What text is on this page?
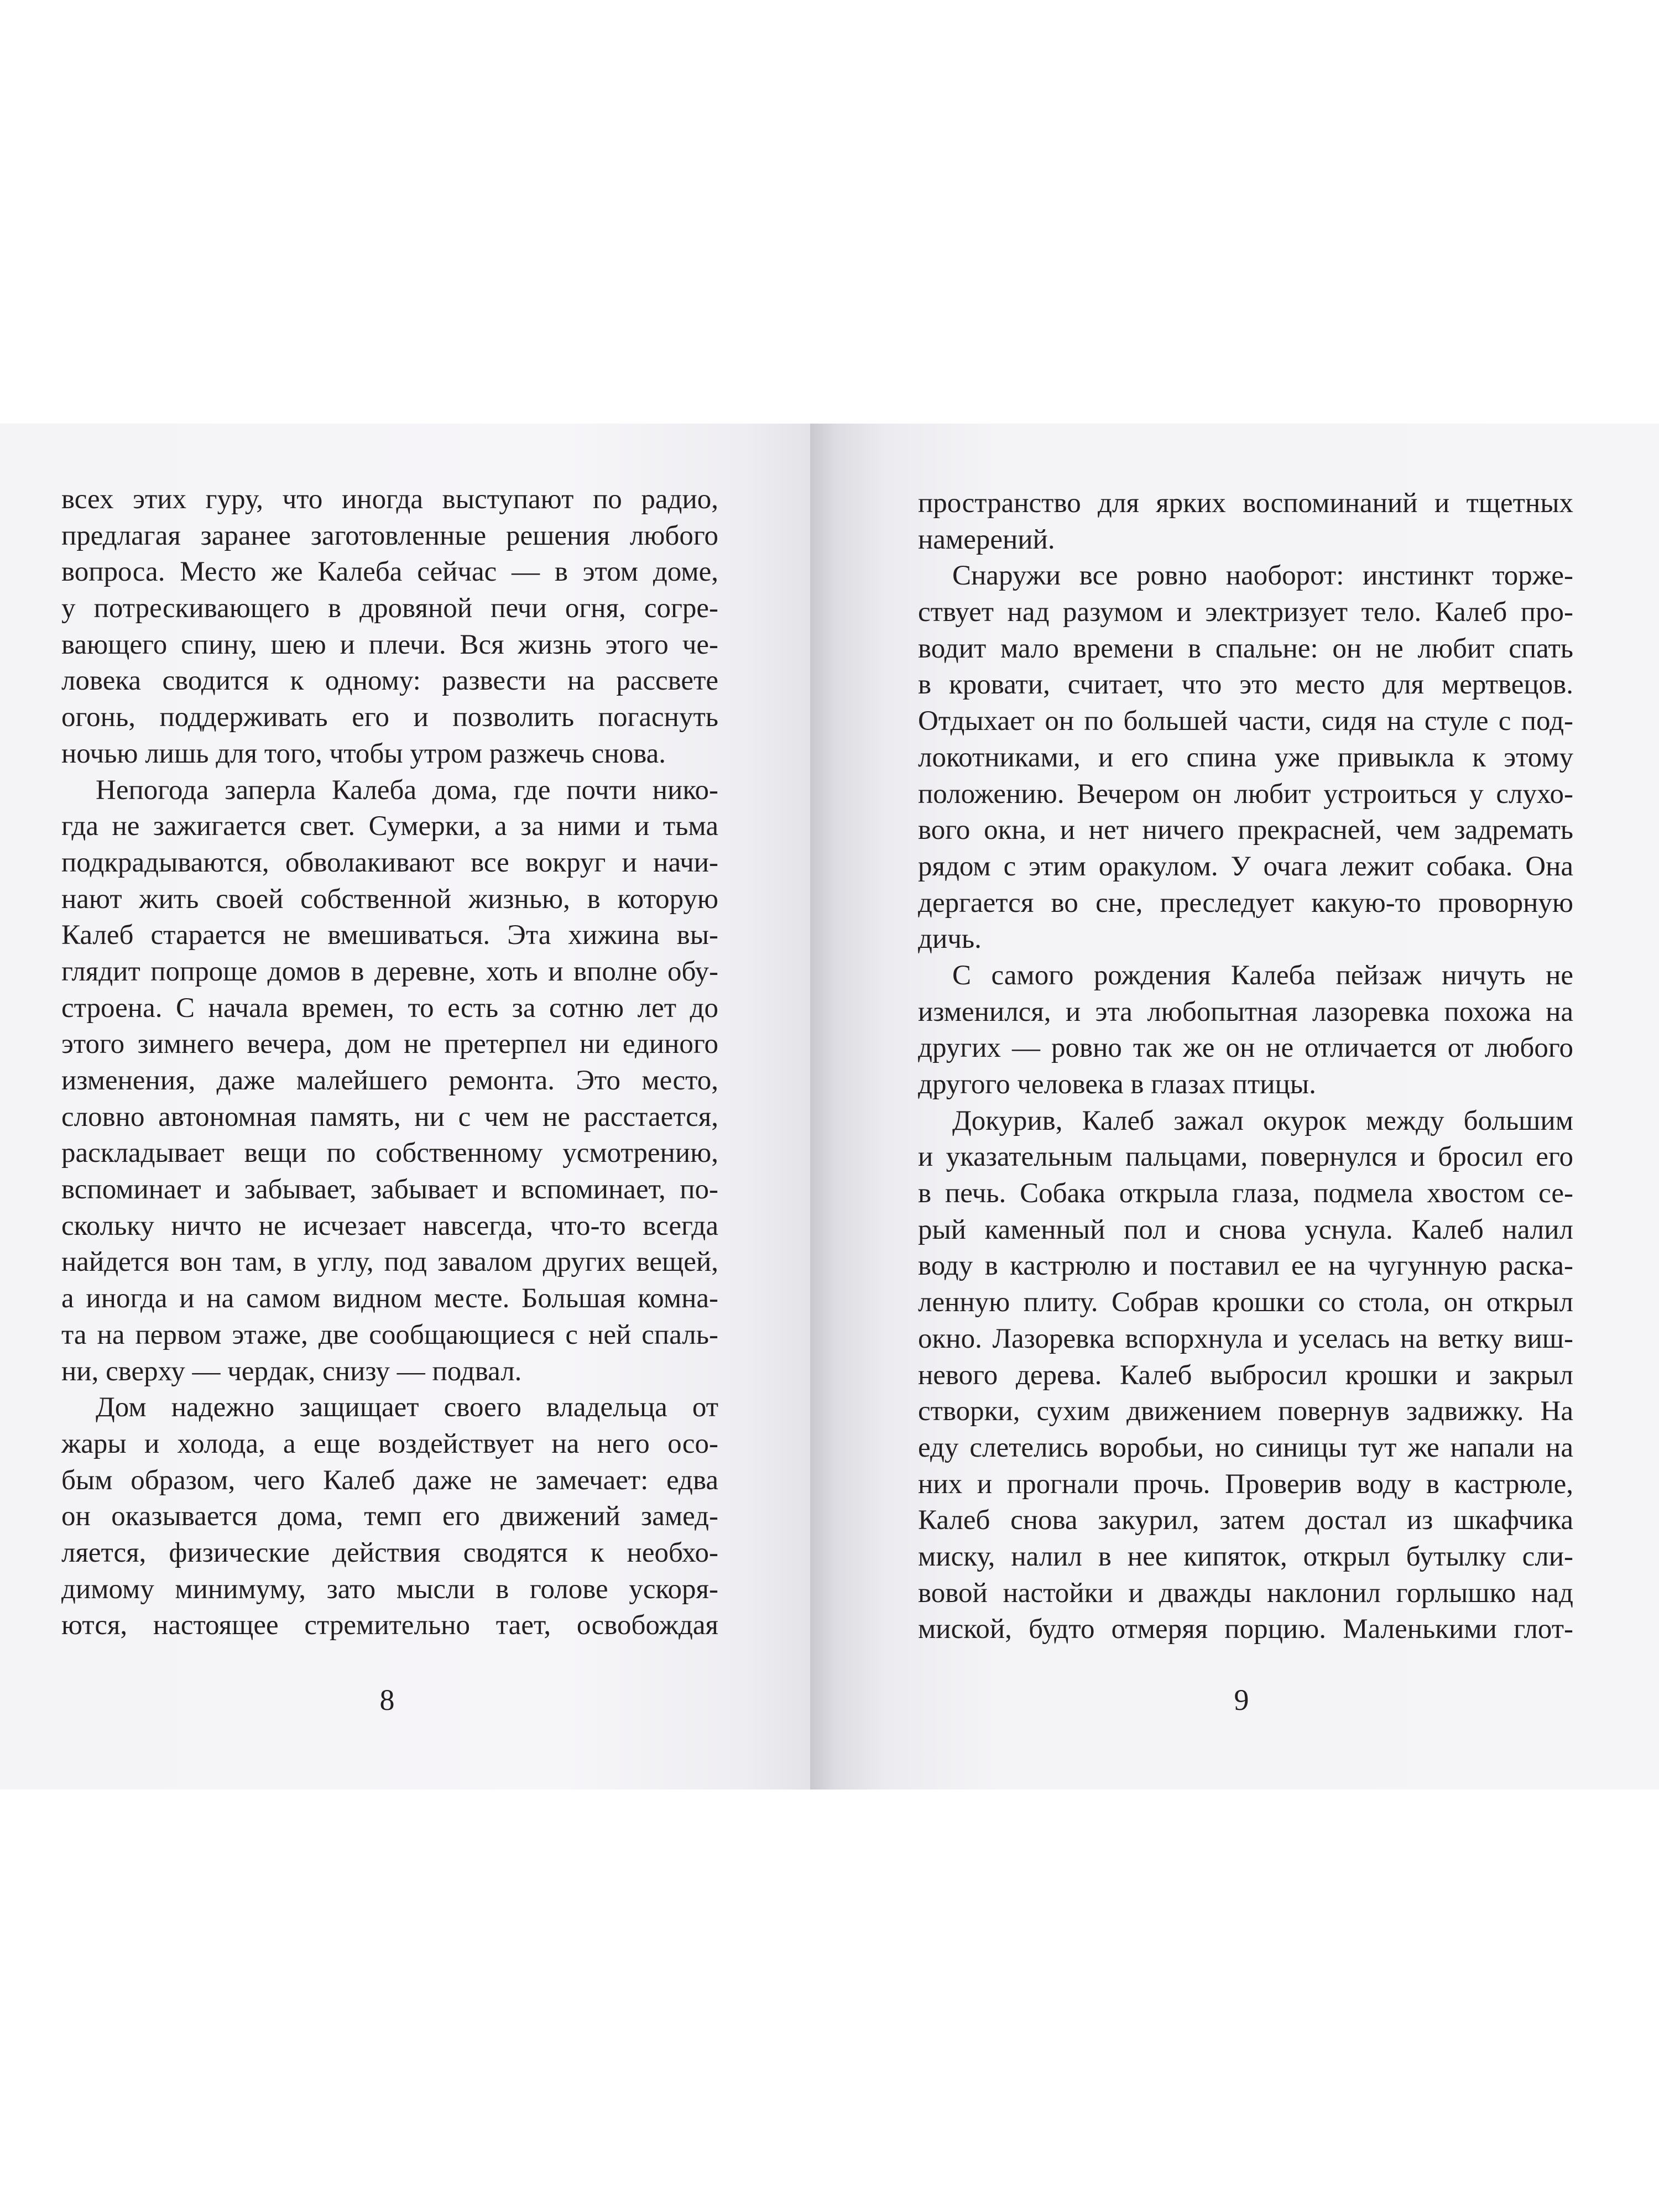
всех этих гуру, что иногда выступают по радио,
предлагая заранее заготовленные решения любого
вопроса. Место же Калеба сейчас — в этом доме,
у потрескивающего в дровяной печи огня, согре-
вающего спину, шею и плечи. Вся жизнь этого че-
ловека сводится к одному: развести на рассвете
огонь, поддерживать его и позволить погаснуть
ночью лишь для того, чтобы утром разжечь снова.
Непогода заперла Калеба дома, где почти нико-
гда не зажигается свет. Сумерки, а за ними и тьма
подкрадываются, обволакивают все вокруг и начи-
нают жить своей собственной жизнью, в которую
Калеб старается не вмешиваться. Эта хижина вы-
глядит попроще домов в деревне, хоть и вполне обу-
строена. С начала времен, то есть за сотню лет до
этого зимнего вечера, дом не претерпел ни единого
изменения, даже малейшего ремонта. Это место,
словно автономная память, ни с чем не расстается,
раскладывает вещи по собственному усмотрению,
вспоминает и забывает, забывает и вспоминает, по-
скольку ничто не исчезает навсегда, что-то всегда
найдется вон там, в углу, под завалом других вещей,
а иногда и на самом видном месте. Большая комна-
та на первом этаже, две сообщающиеся с ней спаль-
ни, сверху — чердак, снизу — подвал.
Дом надежно защищает своего владельца от
жары и холода, а еще воздействует на него осо-
бым образом, чего Калеб даже не замечает: едва
он оказывается дома, темп его движений замед-
ляется, физические действия сводятся к необхо-
димому минимуму, зато мысли в голове ускоря-
ются, настоящее стремительно тает, освобождая
8
пространство для ярких воспоминаний и тщетных
намерений.
Снаружи все ровно наоборот: инстинкт торже-
ствует над разумом и электризует тело. Калеб про-
водит мало времени в спальне: он не любит спать
в кровати, считает, что это место для мертвецов.
Отдыхает он по большей части, сидя на стуле с под-
локотниками, и его спина уже привыкла к этому
положению. Вечером он любит устроиться у слухо-
вого окна, и нет ничего прекрасней, чем задремать
рядом с этим оракулом. У очага лежит собака. Она
дергается во сне, преследует какую-то проворную
дичь.
С самого рождения Калеба пейзаж ничуть не
изменился, и эта любопытная лазоревка похожа на
других — ровно так же он не отличается от любого
другого человека в глазах птицы.
Докурив, Калеб зажал окурок между большим
и указательным пальцами, повернулся и бросил его
в печь. Собака открыла глаза, подмела хвостом се-
рый каменный пол и снова уснула. Калеб налил
воду в кастрюлю и поставил ее на чугунную раска-
ленную плиту. Собрав крошки со стола, он открыл
окно. Лазоревка вспорхнула и уселась на ветку виш-
невого дерева. Калеб выбросил крошки и закрыл
створки, сухим движением повернув задвижку. На
еду слетелись воробьи, но синицы тут же напали на
них и прогнали прочь. Проверив воду в кастрюле,
Калеб снова закурил, затем достал из шкафчика
миску, налил в нее кипяток, открыл бутылку сли-
вовой настойки и дважды наклонил горлышко над
миской, будто отмеряя порцию. Маленькими глот-
9
